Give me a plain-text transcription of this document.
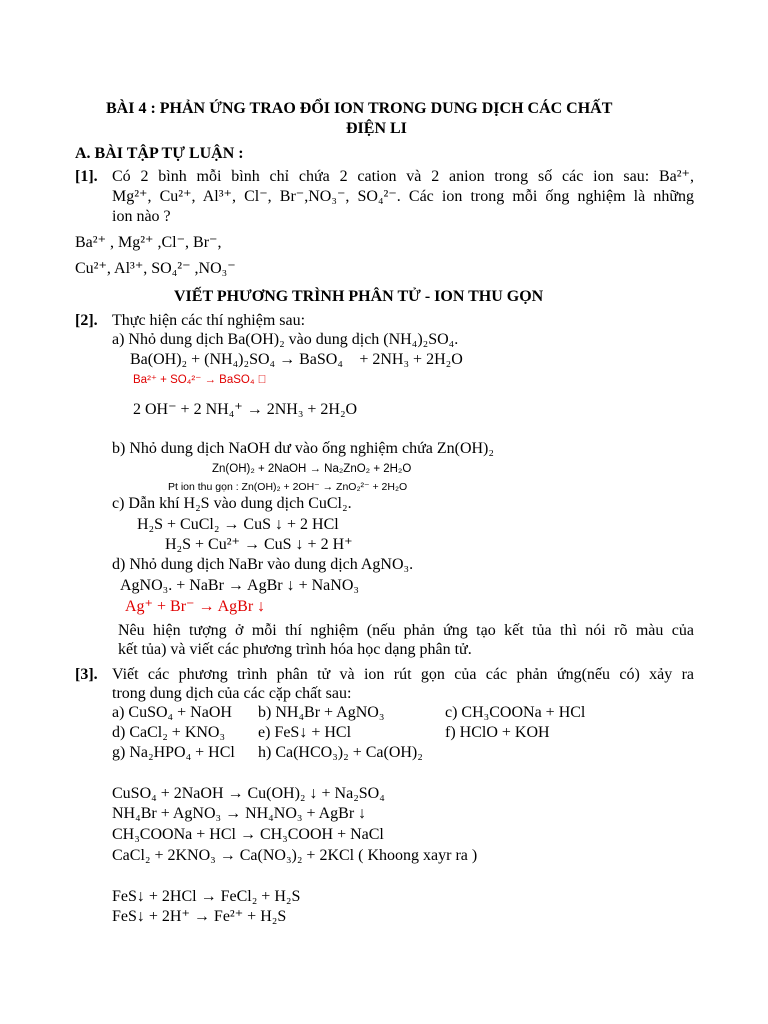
BÀI 4 : PHẢN ỨNG TRAO ĐỔI ION TRONG DUNG DỊCH CÁC CHẤT
ĐIỆN LI
A. BÀI TẬP TỰ LUẬN :
[1]. Có 2 bình mỗi bình chỉ chứa 2 cation và 2 anion trong số các ion sau: Ba²⁺,
Mg²⁺, Cu²⁺, Al³⁺, Cl⁻, Br⁻,NO₃⁻, SO₄²⁻. Các ion trong mỗi ống nghiệm là những
ion nào ?
Ba²⁺ , Mg²⁺ ,Cl⁻, Br⁻,
Cu²⁺, Al³⁺, SO₄²⁻ ,NO₃⁻
VIẾT PHƯƠNG TRÌNH PHÂN TỬ - ION THU GỌN
[2]. Thực hiện các thí nghiệm sau:
a) Nhỏ dung dịch Ba(OH)₂ vào dung dịch (NH₄)₂SO₄.
Ba(OH)₂ + (NH₄)₂SO₄ → BaSO₄ ⃞+ 2NH₃ + 2H₂O
Ba²⁺ + SO₄²⁻ → BaSO₄ ⃞
2 OH⁻ + 2 NH₄⁺ → 2NH₃ + 2H₂O
b) Nhỏ dung dịch NaOH dư vào ống nghiệm chứa Zn(OH)₂
Zn(OH)₂ + 2NaOH → Na₂ZnO₂ + 2H₂O
Pt ion thu gọn : Zn(OH)₂ + 2OH⁻ → ZnO₂²⁻ + 2H₂O
c) Dẫn khí H₂S vào dung dịch CuCl₂.
H₂S + CuCl₂ → CuS ↓ + 2 HCl
H₂S + Cu²⁺ → CuS ↓ + 2 H⁺
d) Nhỏ dung dịch NaBr vào dung dịch AgNO₃.
AgNO₃. + NaBr → AgBr ↓ + NaNO₃
Ag⁺ + Br⁻ → AgBr ↓
Nêu hiện tượng ở mỗi thí nghiệm (nếu phản ứng tạo kết tủa thì nói rõ màu của
kết tủa) và viết các phương trình hóa học dạng phân tử.
[3]. Viết các phương trình phân tử và ion rút gọn của các phản ứng(nếu có) xảy ra
trong dung dịch của các cặp chất sau:
a) CuSO₄ + NaOH b) NH₄Br + AgNO₃	c) CH₃COONa + HCl
d) CaCl₂ + KNO₃ e) FeS↓ + HCl	f) HClO + KOH
g) Na₂HPO₄ + HCl h) Ca(HCO₃)₂ + Ca(OH)₂
CuSO₄ + 2NaOH → Cu(OH)₂ ↓ + Na₂SO₄
NH₄Br + AgNO₃ → NH₄NO₃ + AgBr ↓
CH₃COONa + HCl → CH₃COOH + NaCl
CaCl₂ + 2KNO₃ → Ca(NO₃)₂ + 2KCl ( Khoong xayr ra )
FeS↓ + 2HCl → FeCl₂ + H₂S
FeS↓ + 2H⁺ → Fe²⁺ + H₂S
